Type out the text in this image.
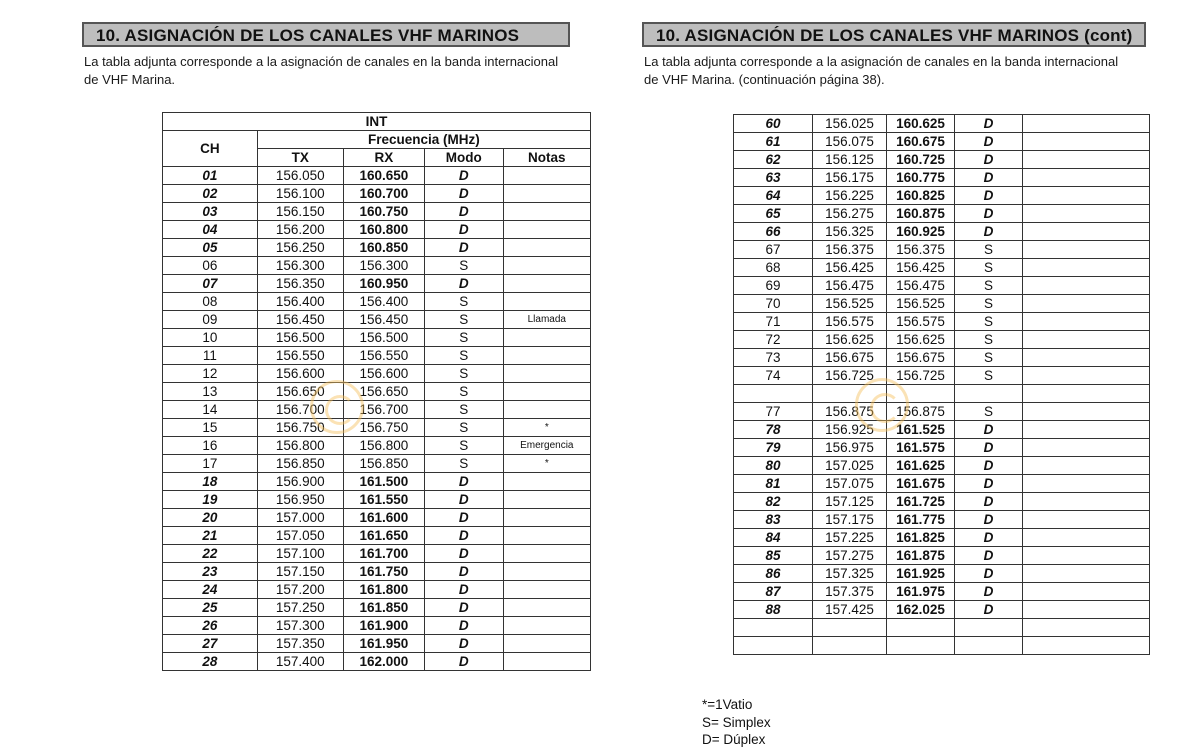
10. ASIGNACIÓN DE LOS CANALES VHF MARINOS
La tabla adjunta corresponde a la asignación de canales en la banda internacional
de VHF Marina.
INT				
CH	Frecuencia (MHz)			
	TX	RX	Modo	Notas
01	156.050	160.650	D	
02	156.100	160.700	D	
03	156.150	160.750	D	
04	156.200	160.800	D	
05	156.250	160.850	D	
06	156.300	156.300	S	
07	156.350	160.950	D	
08	156.400	156.400	S	
09	156.450	156.450	S	Llamada
10	156.500	156.500	S	
11	156.550	156.550	S	
12	156.600	156.600	S	
13	156.650	156.650	S	
14	156.700	156.700	S	
15	156.750	156.750	S	*
16	156.800	156.800	S	Emergencia
17	156.850	156.850	S	*
18	156.900	161.500	D	
19	156.950	161.550	D	
20	157.000	161.600	D	
21	157.050	161.650	D	
22	157.100	161.700	D	
23	157.150	161.750	D	
24	157.200	161.800	D	
25	157.250	161.850	D	
26	157.300	161.900	D	
27	157.350	161.950	D	
28	157.400	162.000	D	
10. ASIGNACIÓN DE LOS CANALES VHF MARINOS (cont)
La tabla adjunta corresponde a la asignación de canales en la banda internacional
de VHF Marina. (continuación página 38).
60	156.025	160.625	D	
61	156.075	160.675	D	
62	156.125	160.725	D	
63	156.175	160.775	D	
64	156.225	160.825	D	
65	156.275	160.875	D	
66	156.325	160.925	D	
67	156.375	156.375	S	
68	156.425	156.425	S	
69	156.475	156.475	S	
70	156.525	156.525	S	
71	156.575	156.575	S	
72	156.625	156.625	S	
73	156.675	156.675	S	
74	156.725	156.725	S	

77	156.875	156.875	S	
78	156.925	161.525	D	
79	156.975	161.575	D	
80	157.025	161.625	D	
81	157.075	161.675	D	
82	157.125	161.725	D	
83	157.175	161.775	D	
84	157.225	161.825	D	
85	157.275	161.875	D	
86	157.325	161.925	D	
87	157.375	161.975	D	
88	157.425	162.025	D	

*=1Vatio
S= Simplex
D= Dúplex
